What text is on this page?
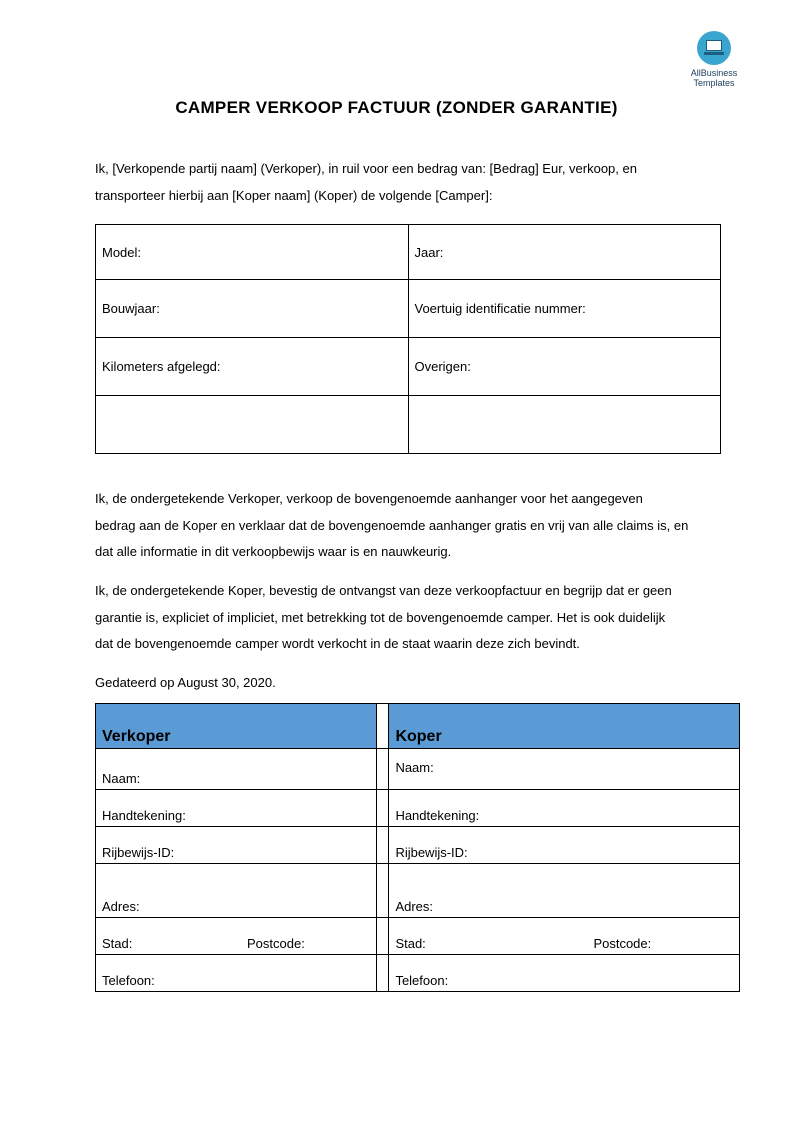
AllBusiness
Templates
CAMPER VERKOOP FACTUUR (ZONDER GARANTIE)
Ik, [Verkopende partij naam] (Verkoper), in ruil voor een bedrag van: [Bedrag] Eur, verkoop, en
transporteer hierbij aan [Koper naam] (Koper) de volgende [Camper]:
Model:	Jaar:
Bouwjaar:	Voertuig identificatie nummer:
Kilometers afgelegd:	Overigen:

Ik, de ondergetekende Verkoper, verkoop de bovengenoemde aanhanger voor het aangegeven
bedrag aan de Koper en verklaar dat de bovengenoemde aanhanger gratis en vrij van alle claims is, en
dat alle informatie in dit verkoopbewijs waar is en nauwkeurig.
Ik, de ondergetekende Koper, bevestig de ontvangst van deze verkoopfactuur en begrijp dat er geen
garantie is, expliciet of impliciet, met betrekking tot de bovengenoemde camper. Het is ook duidelijk
dat de bovengenoemde camper wordt verkocht in de staat waarin deze zich bevindt.
Gedateerd op August 30, 2020.
Verkoper		Koper
Naam:		Naam:
Handtekening:		Handtekening:
Rijbewijs-ID:		Rijbewijs-ID:
Adres:		Adres:
Stad: Postcode:		Stad: Postcode:
Telefoon:		Telefoon:
